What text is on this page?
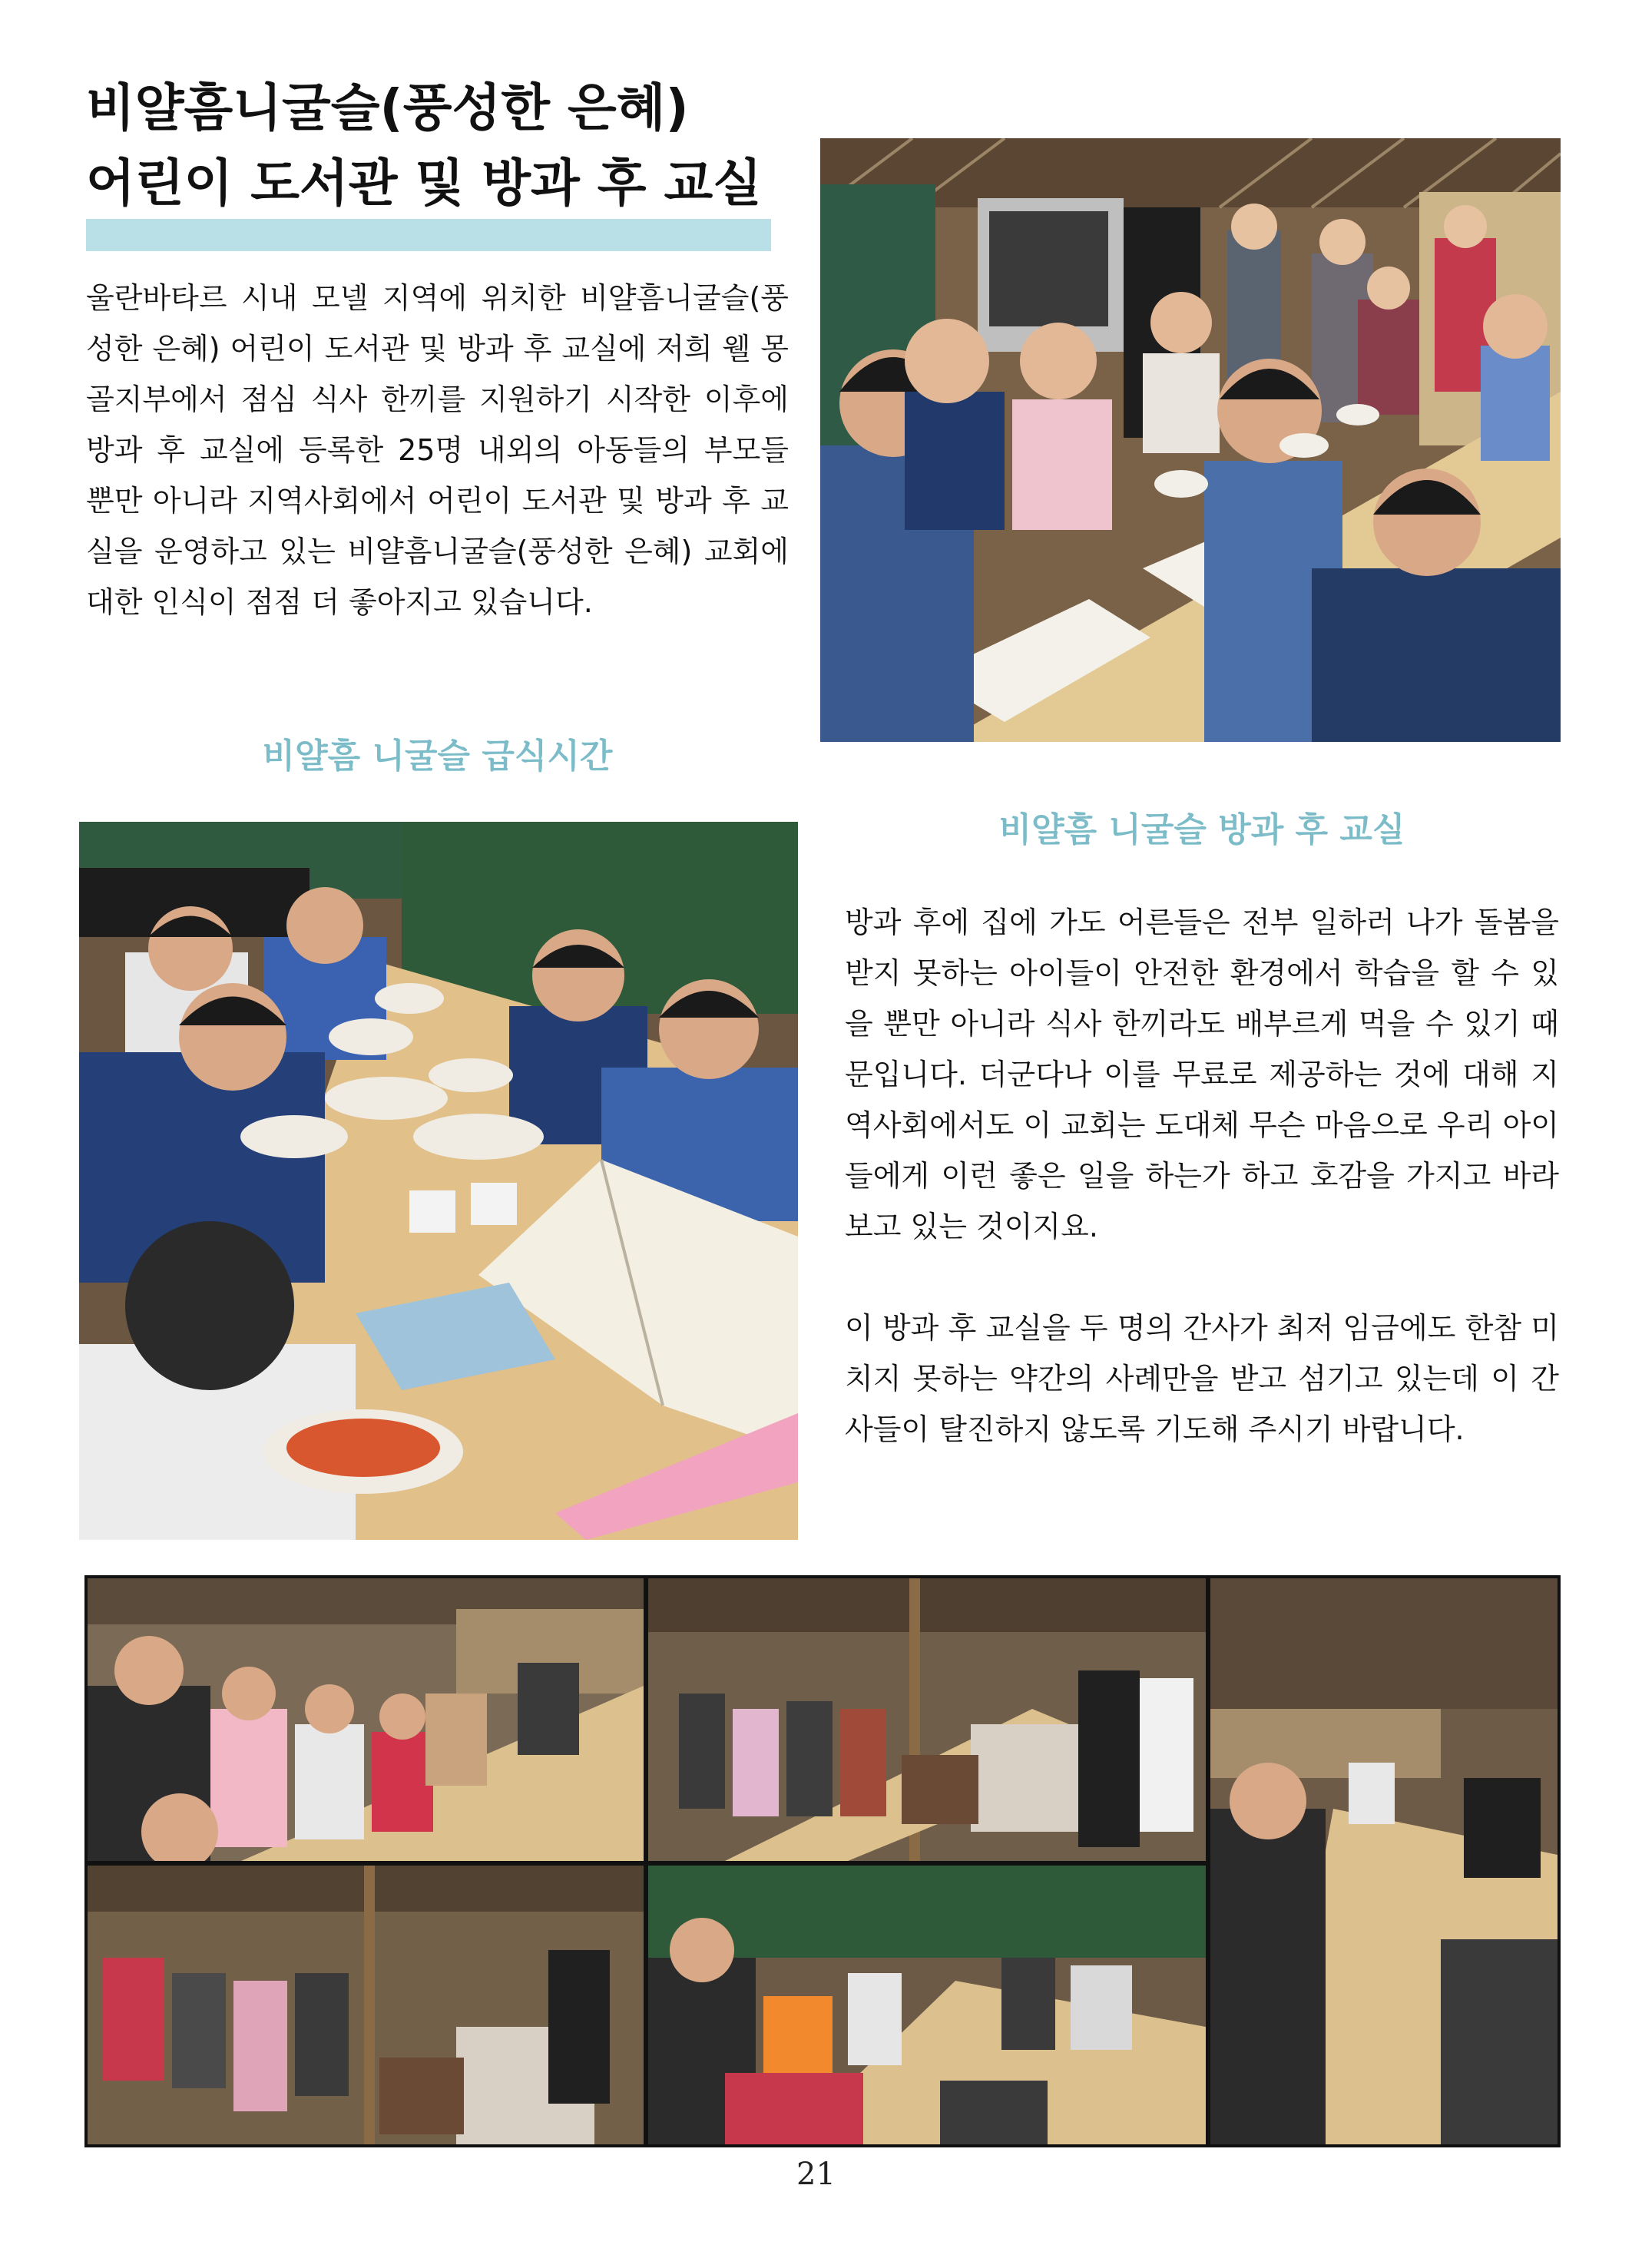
비얄흠니굴슬(풍성한 은혜)
어린이 도서관 및 방과 후 교실
울란바타르 시내 모넬 지역에 위치한 비얄흠니굴슬(풍성한 은혜) 어린이 도서관 및 방과 후 교실에 저희 웰 몽골지부에서 점심 식사 한끼를 지원하기 시작한 이후에 방과 후 교실에 등록한 25명 내외의 아동들의 부모들 뿐만 아니라 지역사회에서 어린이 도서관 및 방과 후 교실을 운영하고 있는 비얄흠니굴슬(풍성한 은혜) 교회에 대한 인식이 점점 더 좋아지고 있습니다.
비얄흠 니굴슬 급식시간
비얄흠 니굴슬 방과 후 교실

방과 후에 집에 가도 어른들은 전부 일하러 나가 돌봄을 받지 못하는 아이들이 안전한 환경에서 학습을 할 수 있을 뿐만 아니라 식사 한끼라도 배부르게 먹을 수 있기 때문입니다. 더군다나 이를 무료로 제공하는 것에 대해 지역사회에서도 이 교회는 도대체 무슨 마음으로 우리 아이들에게 이런 좋은 일을 하는가 하고 호감을 가지고 바라보고 있는 것이지요.

이 방과 후 교실을 두 명의 간사가 최저 임금에도 한참 미치지 못하는 약간의 사례만을 받고 섬기고 있는데 이 간사들이 탈진하지 않도록 기도해 주시기 바랍니다.

21
